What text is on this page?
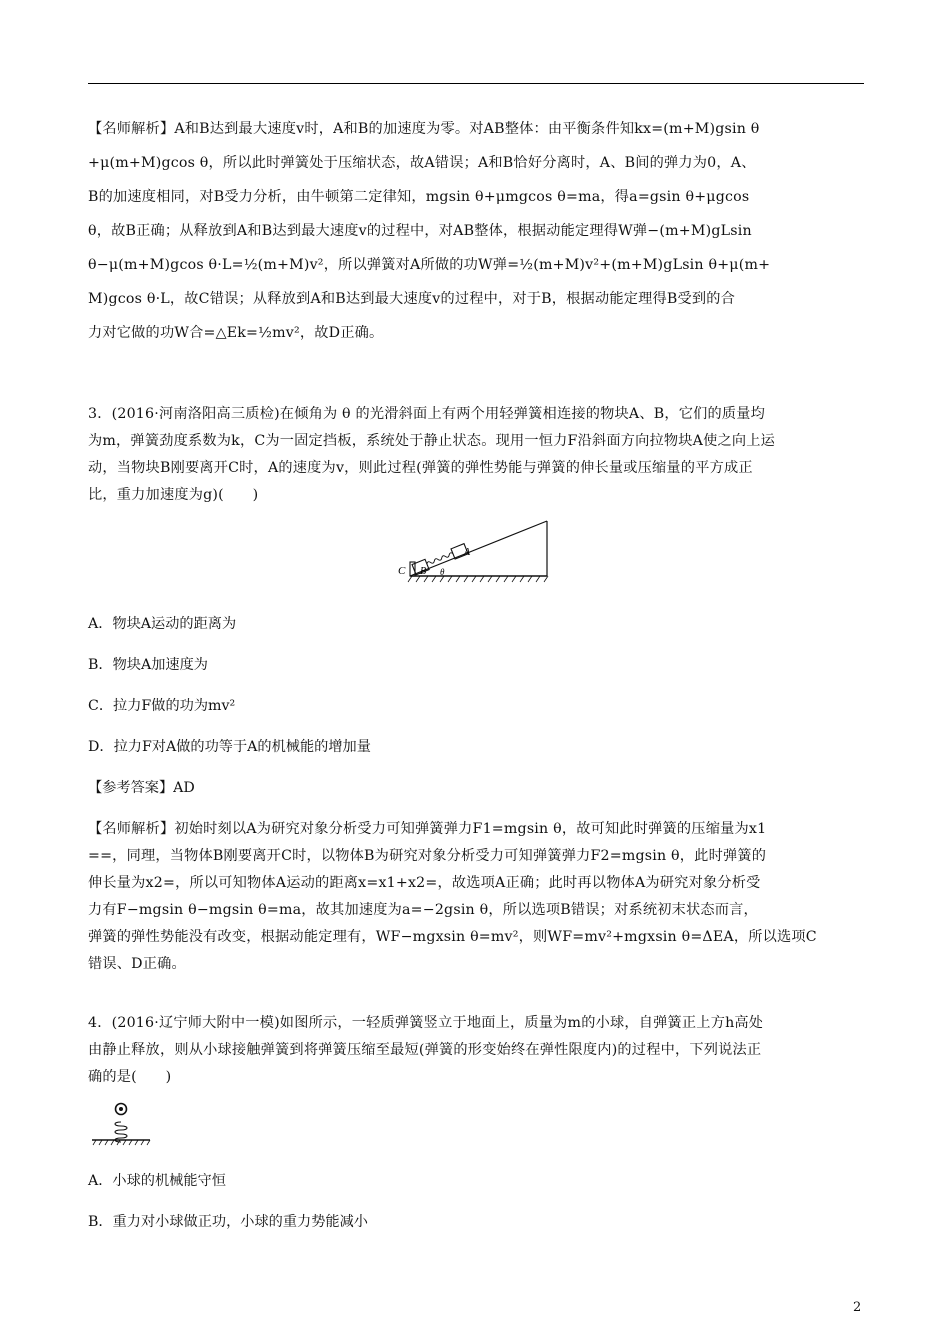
【名师解析】A和B达到最大速度v时，A和B的加速度为零。对AB整体：由平衡条件知kx=(m+M)gsin θ

+μ(m+M)gcos θ，所以此时弹簧处于压缩状态，故A错误；A和B恰好分离时，A、B间的弹力为0，A、

B的加速度相同，对B受力分析，由牛顿第二定律知，mgsin θ+μmgcos θ=ma，得a=gsin θ+μgcos

θ，故B正确；从释放到A和B达到最大速度v的过程中，对AB整体，根据动能定理得W弹−(m+M)gLsin

θ−μ(m+M)gcos θ·L=½(m+M)v²，所以弹簧对A所做的功W弹=½(m+M)v²+(m+M)gLsin θ+μ(m+

M)gcos θ·L，故C错误；从释放到A和B达到最大速度v的过程中，对于B，根据动能定理得B受到的合

力对它做的功W合=△Ek=½mv²，故D正确。

3．(2016·河南洛阳高三质检)在倾角为 θ 的光滑斜面上有两个用轻弹簧相连接的物块A、B，它们的质量均

为m，弹簧劲度系数为k，C为一固定挡板，系统处于静止状态。现用一恒力F沿斜面方向拉物块A使之向上运

动，当物块B刚要离开C时，A的速度为v，则此过程(弹簧的弹性势能与弹簧的伸长量或压缩量的平方成正

比，重力加速度为g)(　　)

C B
A
θ
A．物块A运动的距离为
B．物块A加速度为
C．拉力F做的功为mv²
D．拉力F对A做的功等于A的机械能的增加量
【参考答案】AD

【名师解析】初始时刻以A为研究对象分析受力可知弹簧弹力F1=mgsin θ，故可知此时弹簧的压缩量为x1

==，同理，当物体B刚要离开C时，以物体B为研究对象分析受力可知弹簧弹力F2=mgsin θ，此时弹簧的

伸长量为x2=，所以可知物体A运动的距离x=x1+x2=，故选项A正确；此时再以物体A为研究对象分析受

力有F−mgsin θ−mgsin θ=ma，故其加速度为a=−2gsin θ，所以选项B错误；对系统初末状态而言，

弹簧的弹性势能没有改变，根据动能定理有，WF−mgxsin θ=mv²，则WF=mv²+mgxsin θ=ΔEA，所以选项C

错误、D正确。

4．(2016·辽宁师大附中一模)如图所示，一轻质弹簧竖立于地面上，质量为m的小球，自弹簧正上方h高处

由静止释放，则从小球接触弹簧到将弹簧压缩至最短(弹簧的形变始终在弹性限度内)的过程中，下列说法正

确的是(　　)

A．小球的机械能守恒
B．重力对小球做正功，小球的重力势能减小
2
